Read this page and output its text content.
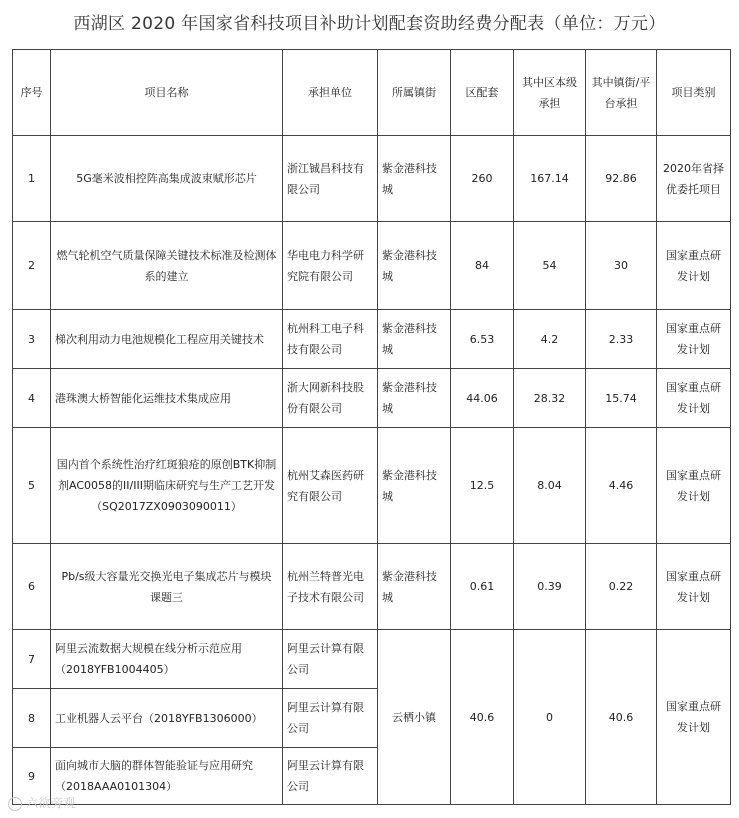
西湖区 2020 年国家省科技项目补助计划配套资助经费分配表（单位：万元）
序号	项目名称	承担单位	所属镇街	区配套	其中区本级承担	其中镇街/平台承担	项目类别
1	5G毫米波相控阵高集成波束赋形芯片	浙江铖昌科技有限公司	紫金港科技城	260	167.14	92.86	2020年省择优委托项目
2	燃气轮机空气质量保障关键技术标准及检测体系的建立	华电电力科学研究院有限公司	紫金港科技城	84	54	30	国家重点研发计划
3	梯次利用动力电池规模化工程应用关键技术	杭州科工电子科技有限公司	紫金港科技城	6.53	4.2	2.33	国家重点研发计划
4	港珠澳大桥智能化运维技术集成应用	浙大网新科技股份有限公司	紫金港科技城	44.06	28.32	15.74	国家重点研发计划
5	国内首个系统性治疗红斑狼疮的原创BTK抑制剂AC0058的II/III期临床研究与生产工艺开发（SQ2017ZX0903090011）	杭州艾森医药研究有限公司	紫金港科技城	12.5	8.04	4.46	国家重点研发计划
6	Pb/s级大容量光交换光电子集成芯片与模块 课题三	杭州兰特普光电子技术有限公司	紫金港科技城	0.61	0.39	0.22	国家重点研发计划
7	阿里云流数据大规模在线分析示范应用（2018YFB1004405）	阿里云计算有限公司	云栖小镇	40.6	0	40.6	国家重点研发计划
8	工业机器人云平台（2018YFB1306000）	阿里云计算有限公司					
9	面向城市大脑的群体智能验证与应用研究（2018AAA0101304）	阿里云计算有限公司					
六欲旁观
